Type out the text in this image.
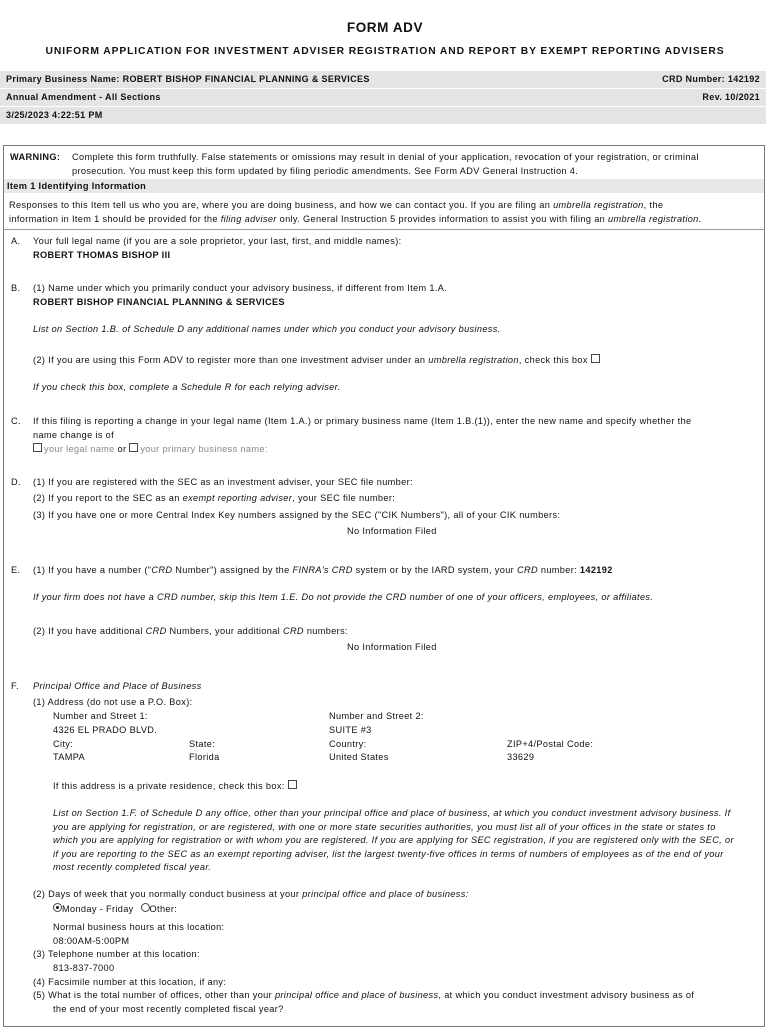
FORM ADV
UNIFORM APPLICATION FOR INVESTMENT ADVISER REGISTRATION AND REPORT BY EXEMPT REPORTING ADVISERS
Primary Business Name: ROBERT BISHOP FINANCIAL PLANNING & SERVICES	CRD Number: 142192
Annual Amendment - All Sections	Rev. 10/2021
3/25/2023 4:22:51 PM
WARNING: Complete this form truthfully. False statements or omissions may result in denial of your application, revocation of your registration, or criminal
prosecution. You must keep this form updated by filing periodic amendments. See Form ADV General Instruction 4.
Item 1 Identifying Information
Responses to this Item tell us who you are, where you are doing business, and how we can contact you. If you are filing an umbrella registration, the
information in Item 1 should be provided for the filing adviser only. General Instruction 5 provides information to assist you with filing an umbrella registration.
A. Your full legal name (if you are a sole proprietor, your last, first, and middle names):
ROBERT THOMAS BISHOP III
B. (1) Name under which you primarily conduct your advisory business, if different from Item 1.A.
ROBERT BISHOP FINANCIAL PLANNING & SERVICES
List on Section 1.B. of Schedule D any additional names under which you conduct your advisory business.
(2) If you are using this Form ADV to register more than one investment adviser under an umbrella registration, check this box
If you check this box, complete a Schedule R for each relying adviser.
C. If this filing is reporting a change in your legal name (Item 1.A.) or primary business name (Item 1.B.(1)), enter the new name and specify whether the
name change is of
your legal name or your primary business name:
D. (1) If you are registered with the SEC as an investment adviser, your SEC file number:
(2) If you report to the SEC as an exempt reporting adviser, your SEC file number:
(3) If you have one or more Central Index Key numbers assigned by the SEC ("CIK Numbers"), all of your CIK numbers:
No Information Filed
E. (1) If you have a number ("CRD Number") assigned by the FINRA's CRD system or by the IARD system, your CRD number: 142192
If your firm does not have a CRD number, skip this Item 1.E. Do not provide the CRD number of one of your officers, employees, or affiliates.
(2) If you have additional CRD Numbers, your additional CRD numbers:
No Information Filed
F. Principal Office and Place of Business
(1) Address (do not use a P.O. Box):
Number and Street 1:
4326 EL PRADO BLVD.
Number and Street 2:
SUITE #3
City:
TAMPA
State:
Florida
Country:
United States
ZIP+4/Postal Code:
33629
If this address is a private residence, check this box:
List on Section 1.F. of Schedule D any office, other than your principal office and place of business, at which you conduct investment advisory business. If
you are applying for registration, or are registered, with one or more state securities authorities, you must list all of your offices in the state or states to
which you are applying for registration or with whom you are registered. If you are applying for SEC registration, if you are registered only with the SEC, or
if you are reporting to the SEC as an exempt reporting adviser, list the largest twenty-five offices in terms of numbers of employees as of the end of your
most recently completed fiscal year.
(2) Days of week that you normally conduct business at your principal office and place of business:
Monday - Friday Other:
Normal business hours at this location:
08:00AM-5:00PM
(3) Telephone number at this location:
813-837-7000
(4) Facsimile number at this location, if any:
(5) What is the total number of offices, other than your principal office and place of business, at which you conduct investment advisory business as of
the end of your most recently completed fiscal year?
